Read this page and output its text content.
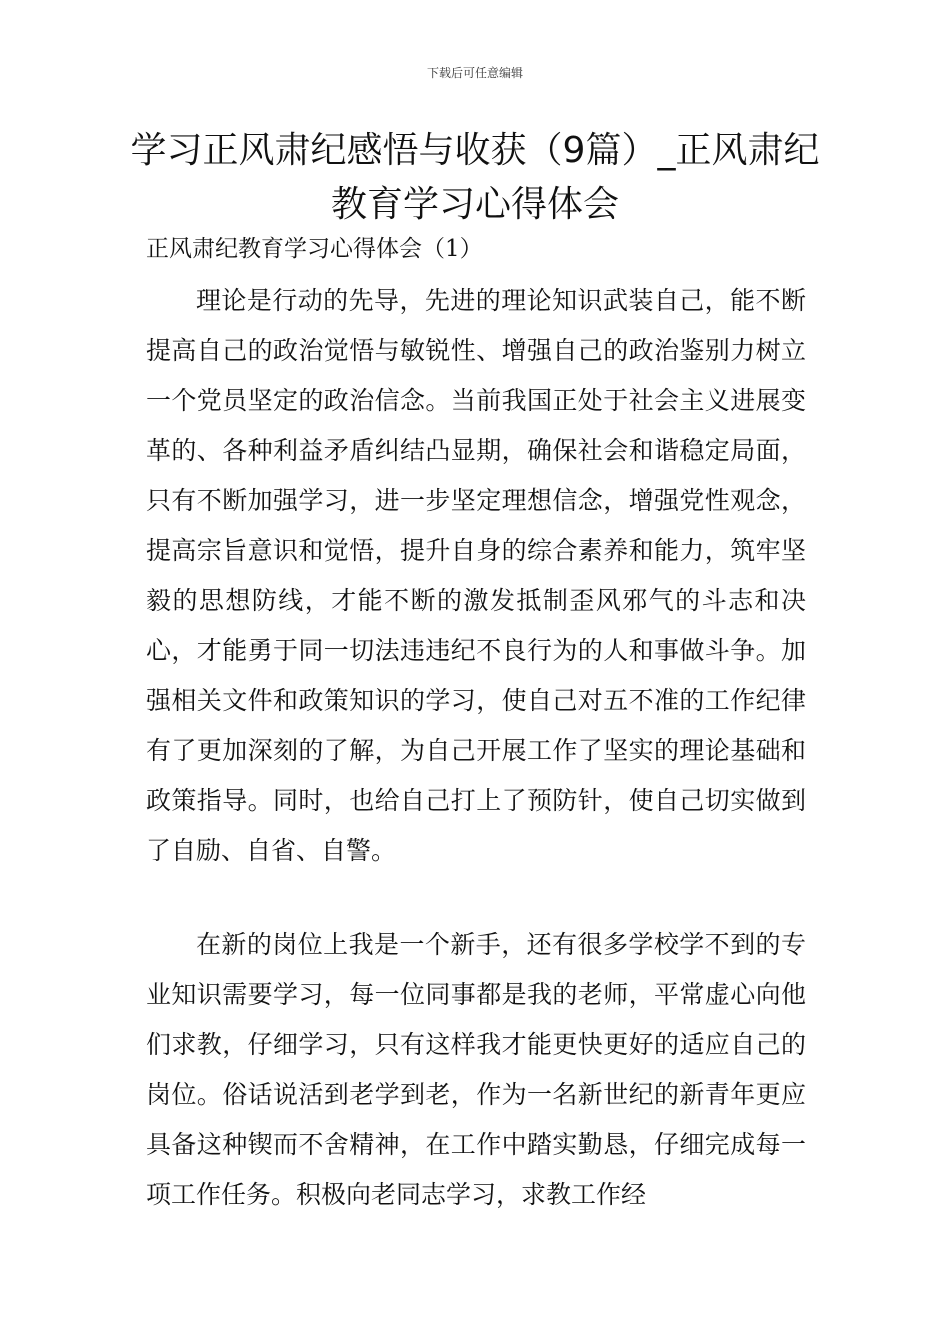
下载后可任意编辑
学习正风肃纪感悟与收获（9篇）_正风肃纪教育学习心得体会
正风肃纪教育学习心得体会（1）

理论是行动的先导，先进的理论知识武装自己，能不断提高自己的政治觉悟与敏锐性、增强自己的政治鉴别力树立一个党员坚定的政治信念。当前我国正处于社会主义进展变革的、各种利益矛盾纠结凸显期，确保社会和谐稳定局面，只有不断加强学习，进一步坚定理想信念，增强党性观念，提高宗旨意识和觉悟，提升自身的综合素养和能力，筑牢坚毅的思想防线，才能不断的激发抵制歪风邪气的斗志和决心，才能勇于同一切法违违纪不良行为的人和事做斗争。加强相关文件和政策知识的学习，使自己对五不准的工作纪律有了更加深刻的了解，为自己开展工作了坚实的理论基础和政策指导。同时，也给自己打上了预防针，使自己切实做到了自励、自省、自警。

在新的岗位上我是一个新手，还有很多学校学不到的专业知识需要学习，每一位同事都是我的老师，平常虚心向他们求教，仔细学习，只有这样我才能更快更好的适应自己的岗位。俗话说活到老学到老，作为一名新世纪的新青年更应具备这种锲而不舍精神，在工作中踏实勤恳，仔细完成每一项工作任务。积极向老同志学习，求教工作经
